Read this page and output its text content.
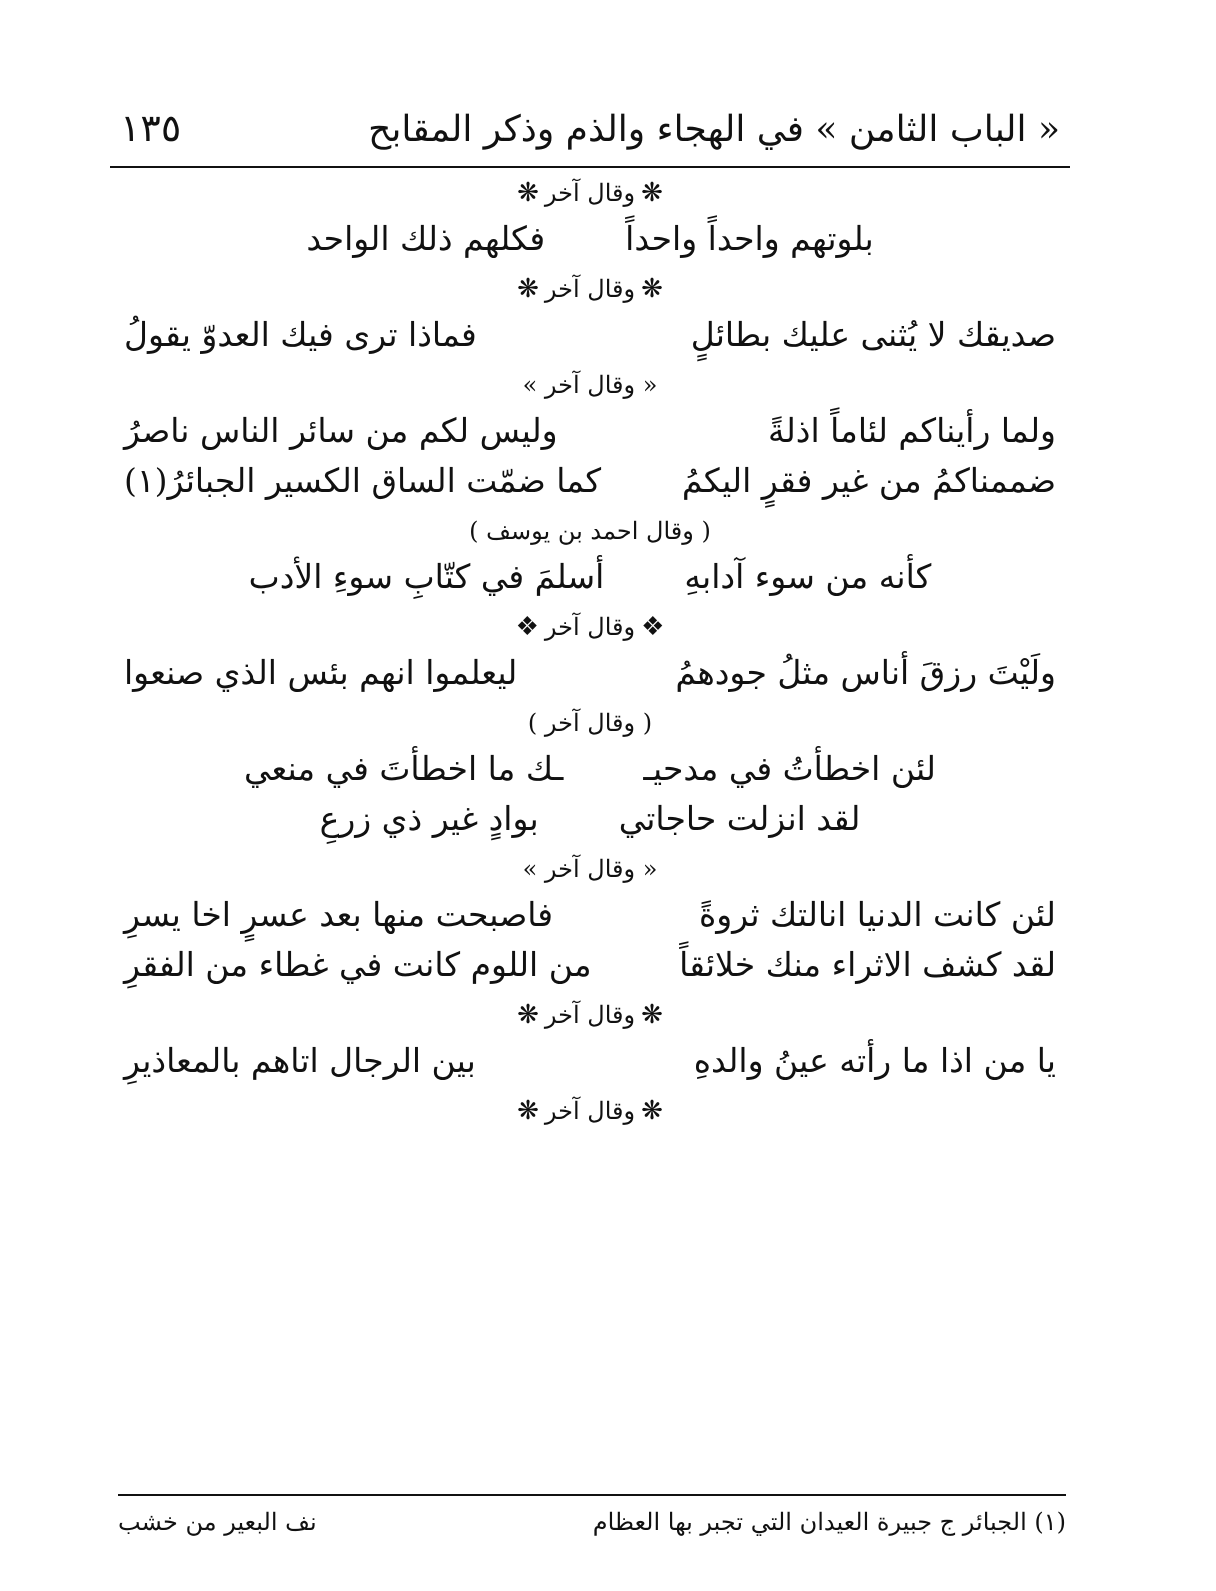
« الباب الثامن » في الهجاء والذم وذكر المقابح
١٣٥
❋وقال آخر❋
بلوتهم واحداً واحداً
فكلهم ذلك الواحد
❋وقال آخر❋
صديقك لا يُثنى عليك بطائلٍ
فماذا ترى فيك العدوّ يقولُ
« وقال آخر »
ولما رأيناكم لئاماً اذلةً
وليس لكم من سائر الناس ناصرُ
ضممناكمُ من غير فقرٍ اليكمُ
كما ضمّت الساق الكسير الجبائرُ(١)
( وقال احمد بن يوسف )
كأنه من سوء آدابهِ
أسلمَ في كتّابِ سوءِ الأدب
❖وقال آخر❖
ولَيْتَ رزقَ أناس مثلُ جودهمُ
ليعلموا انهم بئس الذي صنعوا
( وقال آخر )
لئن اخطأتُ في مدحيـ
ـك ما اخطأتَ في منعي
لقد انزلت حاجاتي
بوادٍ غير ذي زرعِ
« وقال آخر »
لئن كانت الدنيا انالتك ثروةً
فاصبحت منها بعد عسرٍ اخا يسرِ
لقد كشف الاثراء منك خلائقاً
من اللوم كانت في غطاء من الفقرِ
❋وقال آخر❋
يا من اذا ما رأته عينُ والدهِ
بين الرجال اتاهم بالمعاذيرِ
❋وقال آخر❋
(١) الجبائر ج جبيرة العيدان التي تجبر بها العظام
نف البعير من خشب
